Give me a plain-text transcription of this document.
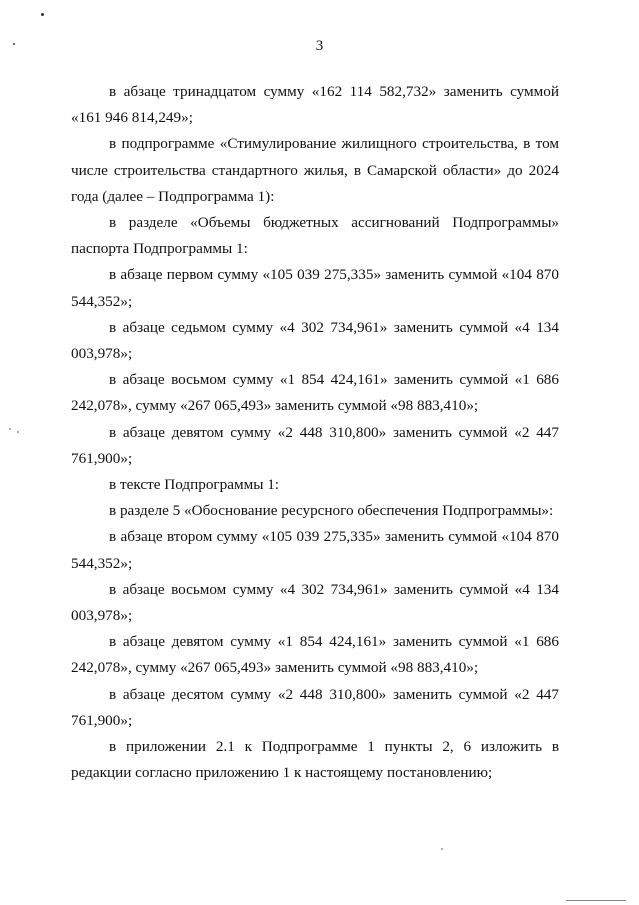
3

в абзаце тринадцатом сумму «162 114 582,732» заменить суммой «161 946 814,249»;

в подпрограмме «Стимулирование жилищного строительства, в том числе строительства стандартного жилья, в Самарской области» до 2024 года (далее – Подпрограмма 1):

в разделе «Объемы бюджетных ассигнований Подпрограммы» паспорта Подпрограммы 1:

в абзаце первом сумму «105 039 275,335» заменить суммой «104 870 544,352»;

в абзаце седьмом сумму «4 302 734,961» заменить суммой «4 134 003,978»;

в абзаце восьмом сумму «1 854 424,161» заменить суммой «1 686 242,078», сумму «267 065,493» заменить суммой «98 883,410»;

в абзаце девятом сумму «2 448 310,800» заменить суммой «2 447 761,900»;

в тексте Подпрограммы 1:

в разделе 5 «Обоснование ресурсного обеспечения Подпрограммы»:

в абзаце втором сумму «105 039 275,335» заменить суммой «104 870 544,352»;

в абзаце восьмом сумму «4 302 734,961» заменить суммой «4 134 003,978»;

в абзаце девятом сумму «1 854 424,161» заменить суммой «1 686 242,078», сумму «267 065,493» заменить суммой «98 883,410»;

в абзаце десятом сумму «2 448 310,800» заменить суммой «2 447 761,900»;

в приложении 2.1 к Подпрограмме 1 пункты 2, 6 изложить в редакции согласно приложению 1 к настоящему постановлению;
